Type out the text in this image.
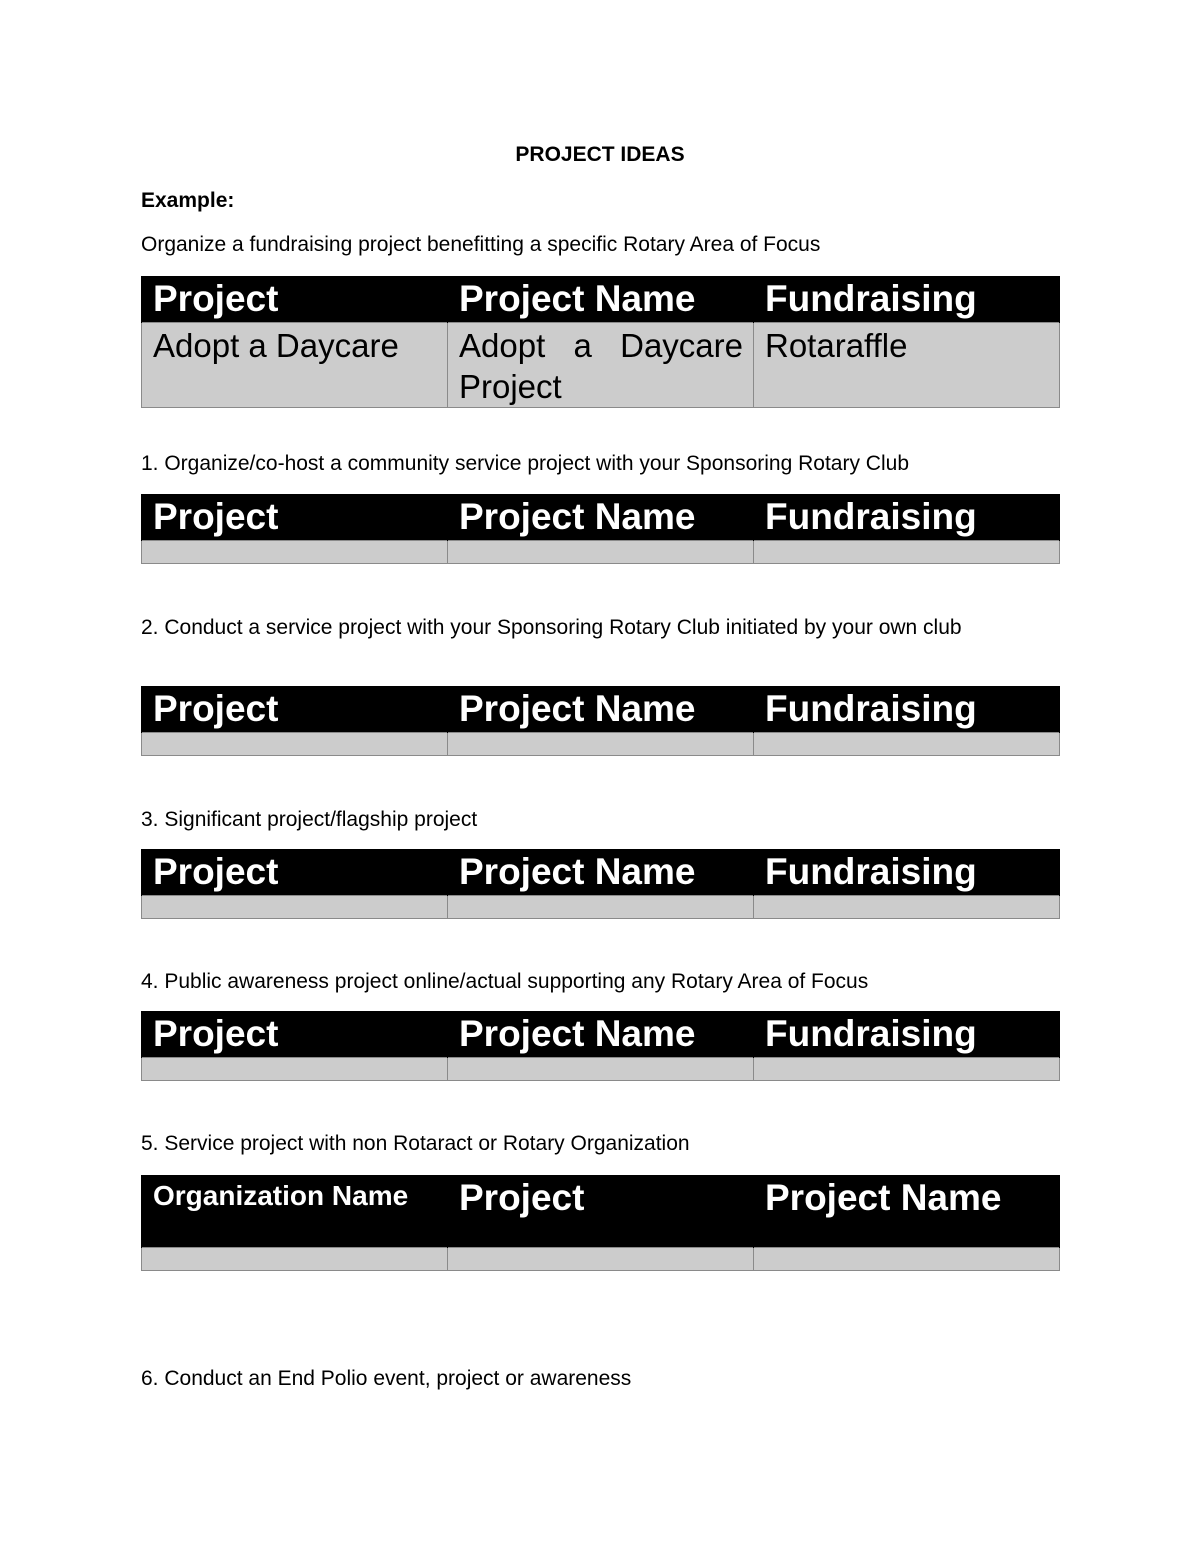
PROJECT IDEAS
Example:
Organize a fundraising project benefitting a specific Rotary Area of Focus
Project	Project Name	Fundraising
Adopt a Daycare	Adopt a Daycare Project	Rotaraffle
1. Organize/co-host a community service project with your Sponsoring Rotary Club
Project	Project Name	Fundraising

2. Conduct a service project with your Sponsoring Rotary Club initiated by your own club
Project	Project Name	Fundraising

3. Significant project/flagship project
Project	Project Name	Fundraising

4. Public awareness project online/actual supporting any Rotary Area of Focus
Project	Project Name	Fundraising

5. Service project with non Rotaract or Rotary Organization
Organization Name	Project	Project Name

6. Conduct an End Polio event, project or awareness
